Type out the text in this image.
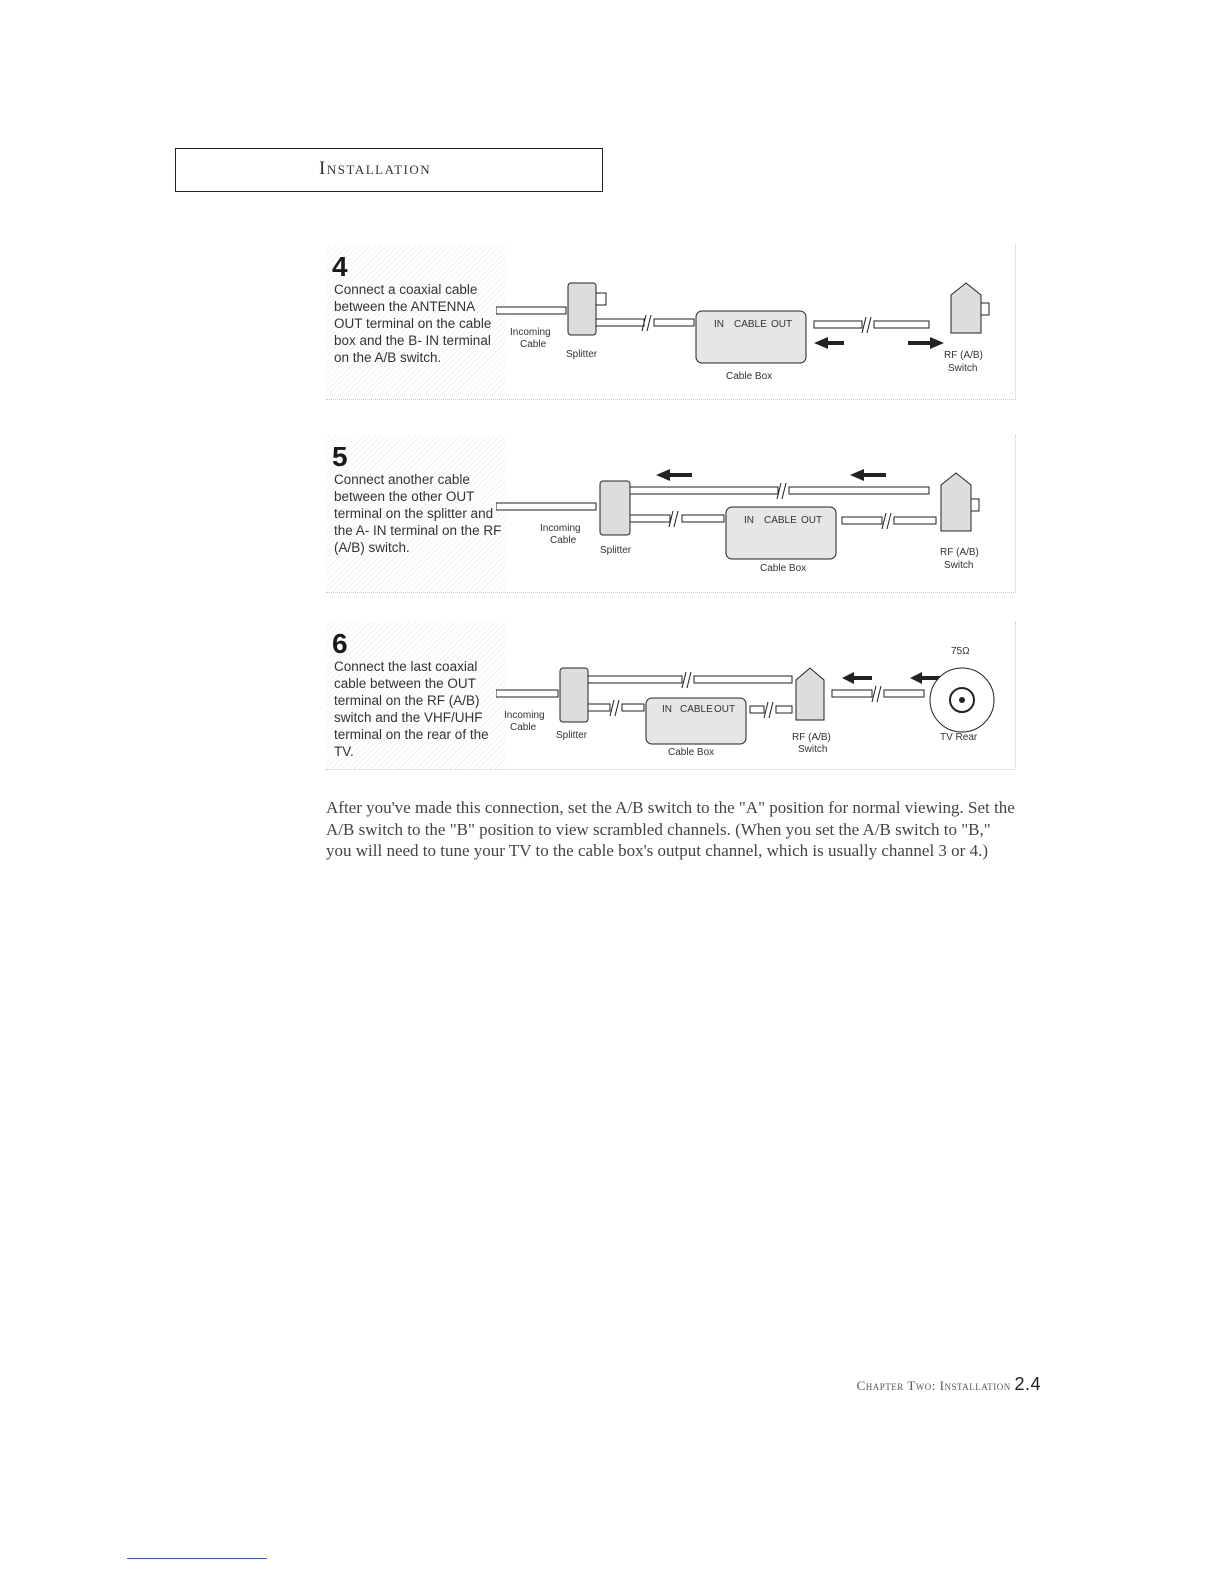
Installation
4
Connect a coaxial cable between the ANTENNA OUT terminal on the cable box and the B- IN terminal on the A/B switch.
IN CABLE OUT
Incoming
Cable
Splitter
Cable Box
RF (A/B)
Switch
5
Connect another cable between the other OUT terminal on the splitter and the A- IN terminal on the RF (A/B) switch.
IN CABLE OUT
Incoming
Cable
Splitter
Cable Box
RF (A/B)
Switch
6
Connect the last coaxial cable between the OUT terminal on the RF (A/B) switch and the VHF/UHF terminal on the rear of the TV.
IN CABLE OUT
75Ω
Incoming
Cable
Splitter
Cable Box
RF (A/B)
Switch
TV Rear
After you've made this connection, set the A/B switch to the "A" position for normal viewing. Set the A/B switch to the "B" position to view scrambled channels. (When you set the A/B switch to "B," you will need to tune your TV to the cable box's output channel, which is usually channel 3 or 4.)
Chapter Two: Installation 2.4
